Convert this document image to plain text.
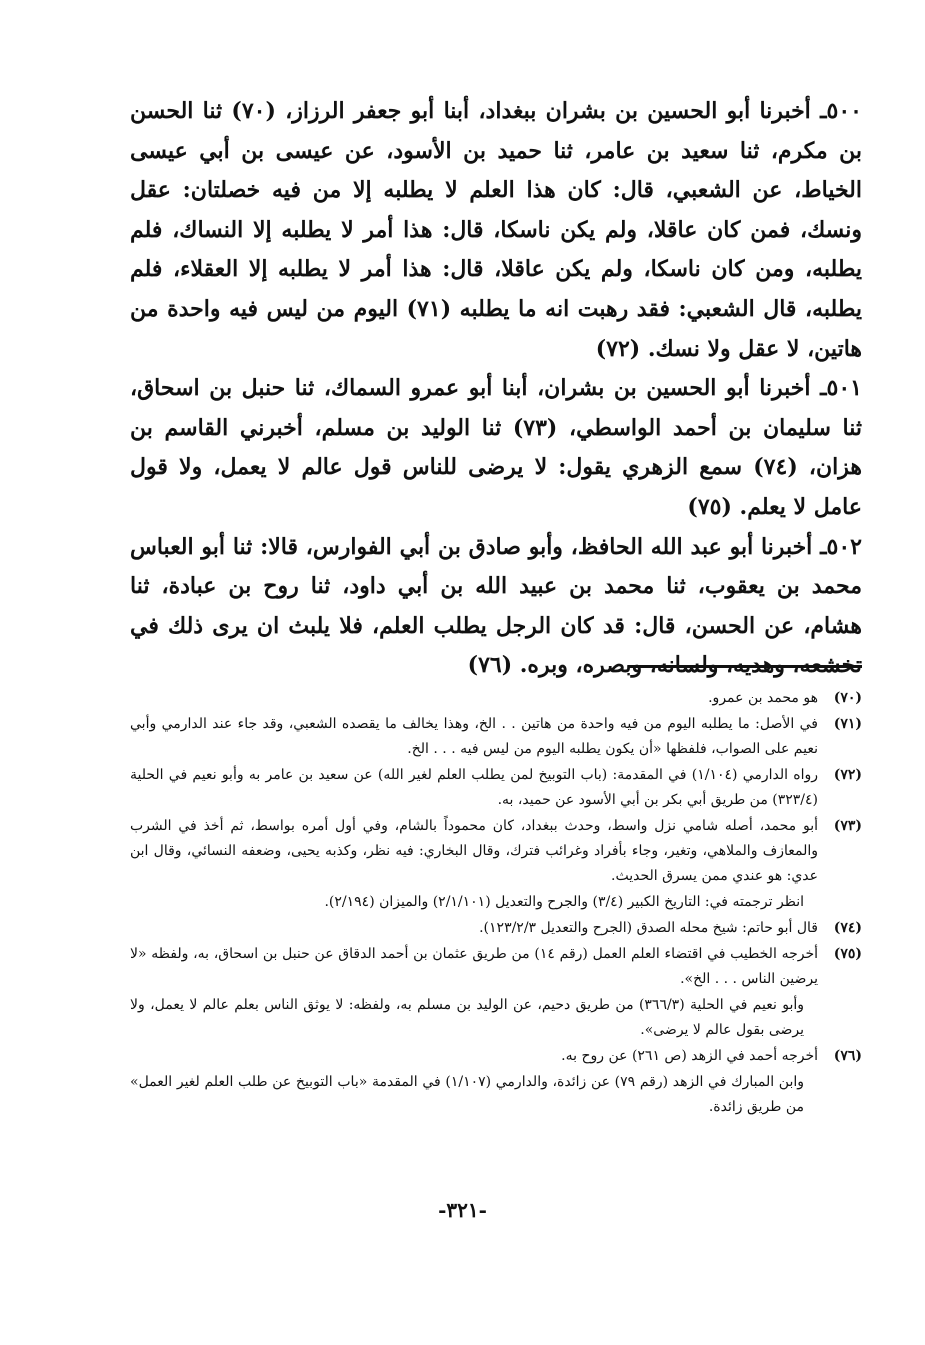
٥٠٠ـ أخبرنا أبو الحسين بن بشران ببغداد، أبنا أبو جعفر الرزاز، (٧٠) ثنا الحسن بن مكرم، ثنا سعيد بن عامر، ثنا حميد بن الأسود، عن عيسى بن أبي عيسى الخياط، عن الشعبي، قال: كان هذا العلم لا يطلبه إلا من فيه خصلتان: عقل ونسك، فمن كان عاقلا، ولم يكن ناسكا، قال: هذا أمر لا يطلبه إلا النساك، فلم يطلبه، ومن كان ناسكا، ولم يكن عاقلا، قال: هذا أمر لا يطلبه إلا العقلاء، فلم يطلبه، قال الشعبي: فقد رهبت انه ما يطلبه (٧١) اليوم من ليس فيه واحدة من هاتين، لا عقل ولا نسك. (٧٢)

٥٠١ـ أخبرنا أبو الحسين بن بشران، أبنا أبو عمرو السماك، ثنا حنبل بن اسحاق، ثنا سليمان بن أحمد الواسطي، (٧٣) ثنا الوليد بن مسلم، أخبرني القاسم بن هزان، (٧٤) سمع الزهري يقول: لا يرضى للناس قول عالم لا يعمل، ولا قول عامل لا يعلم. (٧٥)

٥٠٢ـ أخبرنا أبو عبد الله الحافظ، وأبو صادق بن أبي الفوارس، قالا: ثنا أبو العباس محمد بن يعقوب، ثنا محمد بن عبيد الله بن أبي داود، ثنا روح بن عبادة، ثنا هشام، عن الحسن، قال: قد كان الرجل يطلب العلم، فلا يلبث ان يرى ذلك في تخشعه، وهديه، ولسانه، وبصره، وبره. (٧٦)

(٧٠)

هو محمد بن عمرو.

(٧١)

في الأصل: ما يطلبه اليوم من فيه واحدة من هاتين . . الخ، وهذا يخالف ما يقصده الشعبي، وقد جاء عند الدارمي وأبي نعيم على الصواب، فلفظها «أن يكون يطلبه اليوم من ليس فيه . . . الخ.

(٧٢)

رواه الدارمي (١/١٠٤) في المقدمة: (باب التوبيخ لمن يطلب العلم لغير الله) عن سعيد بن عامر به وأبو نعيم في الحلية (٣٢٣/٤) من طريق أبي بكر بن أبي الأسود عن حميد، به.

(٧٣)

أبو محمد، أصله شامي نزل واسط، وحدث ببغداد، كان محموداً بالشام، وفي أول أمره بواسط، ثم أخذ في الشرب والمعازف والملاهي، وتغير، وجاء بأفراد وغرائب فترك، وقال البخاري: فيه نظر، وكذبه يحيى، وضعفه النسائي، وقال ابن عدي: هو عندي ممن يسرق الحديث.

انظر ترجمته في: التاريخ الكبير (٣/٤) والجرح والتعديل (٢/١/١٠١) والميزان (٢/١٩٤).

(٧٤)

قال أبو حاتم: شيخ محله الصدق (الجرح والتعديل ١٢٣/٢/٣).

(٧٥)

أخرجه الخطيب في اقتضاء العلم العمل (رقم ١٤) من طريق عثمان بن أحمد الدقاق عن حنبل بن اسحاق، به، ولفظه «لا يرضين الناس . . . الخ».

وأبو نعيم في الحلية (٣٦٦/٣) من طريق دحيم، عن الوليد بن مسلم به، ولفظه: لا يوثق الناس بعلم عالم لا يعمل، ولا يرضى بقول عالم لا يرضى».

(٧٦)

أخرجه أحمد في الزهد (ص ٢٦١) عن روح به.

وابن المبارك في الزهد (رقم ٧٩) عن زائدة، والدارمي (١/١٠٧) في المقدمة «باب التوبيخ عن طلب العلم لغير العمل» من طريق زائدة.

-٣٢١-
